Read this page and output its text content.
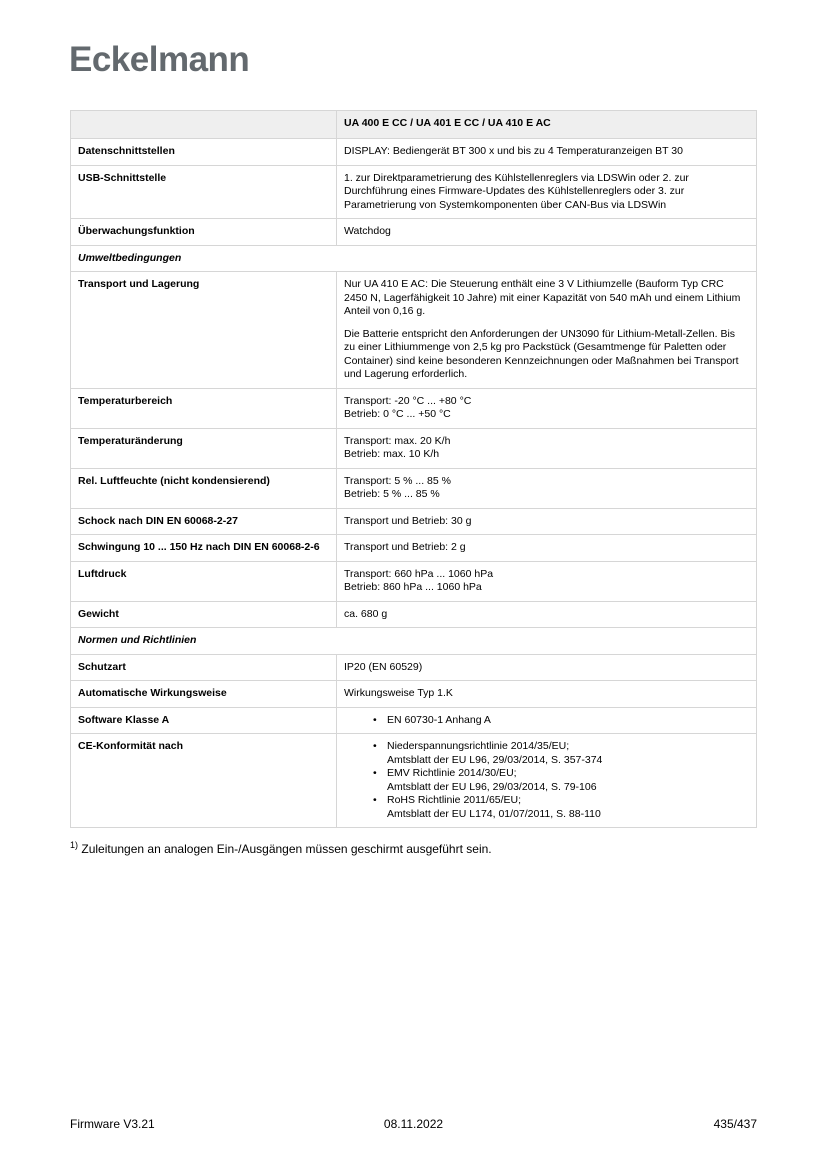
Eckelmann
	UA 400 E CC / UA 401 E CC / UA 410 E AC
Datenschnittstellen	DISPLAY: Bediengerät BT 300 x und bis zu 4 Temperaturanzeigen BT 30

USB-Schnittstelle	1. zur Direktparametrierung des Kühlstellenreglers via LDSWin oder 2. zur Durchführung eines Firmware-Updates des Kühlstellenreglers oder 3. zur Parametrierung von Systemkomponenten über CAN-Bus via LDSWin

Überwachungsfunktion	Watchdog

Umweltbedingungen	
Transport und Lagerung	Nur UA 410 E AC: Die Steuerung enthält eine 3 V Lithiumzelle (Bauform Typ CRC 2450 N, Lagerfähigkeit 10 Jahre) mit einer Kapazität von 540 mAh und einem Lithium Anteil von 0,16 g.

Die Batterie entspricht den Anforderungen der UN3090 für Lithium-Metall-Zellen. Bis zu einer Lithiummenge von 2,5 kg pro Packstück (Gesamtmenge für Paletten oder Container) sind keine besonderen Kennzeichnungen oder Maßnahmen bei Transport und Lagerung erforderlich.

Temperaturbereich	Transport: -20 °C ... +80 °C
Betrieb: 0 °C ... +50 °C

Temperaturänderung	Transport: max. 20 K/h
Betrieb: max. 10 K/h

Rel. Luftfeuchte (nicht kondensierend)	Transport: 5 % ... 85 %
Betrieb: 5 % ... 85 %

Schock nach DIN EN 60068-2-27	Transport und Betrieb: 30 g

Schwingung 10 ... 150 Hz nach DIN EN 60068-2-6	Transport und Betrieb: 2 g

Luftdruck	Transport: 660 hPa ... 1060 hPa
Betrieb: 860 hPa ... 1060 hPa

Gewicht	ca. 680 g

Normen und Richtlinien	
Schutzart	IP20 (EN 60529)

Automatische Wirkungsweise	Wirkungsweise Typ 1.K

Software Klasse A	• EN 60730-1 Anhang A

CE-Konformität nach	• Niederspannungsrichtlinie 2014/35/EU;
Amtsblatt der EU L96, 29/03/2014, S. 357-374
• EMV Richtlinie 2014/30/EU;
Amtsblatt der EU L96, 29/03/2014, S. 79-106
• RoHS Richtlinie 2011/65/EU;
Amtsblatt der EU L174, 01/07/2011, S. 88-110
$^{1)}$ Zuleitungen an analogen Ein-/Ausgängen müssen geschirmt ausgeführt sein.
Firmware V3.21	08.11.2022	435/437
